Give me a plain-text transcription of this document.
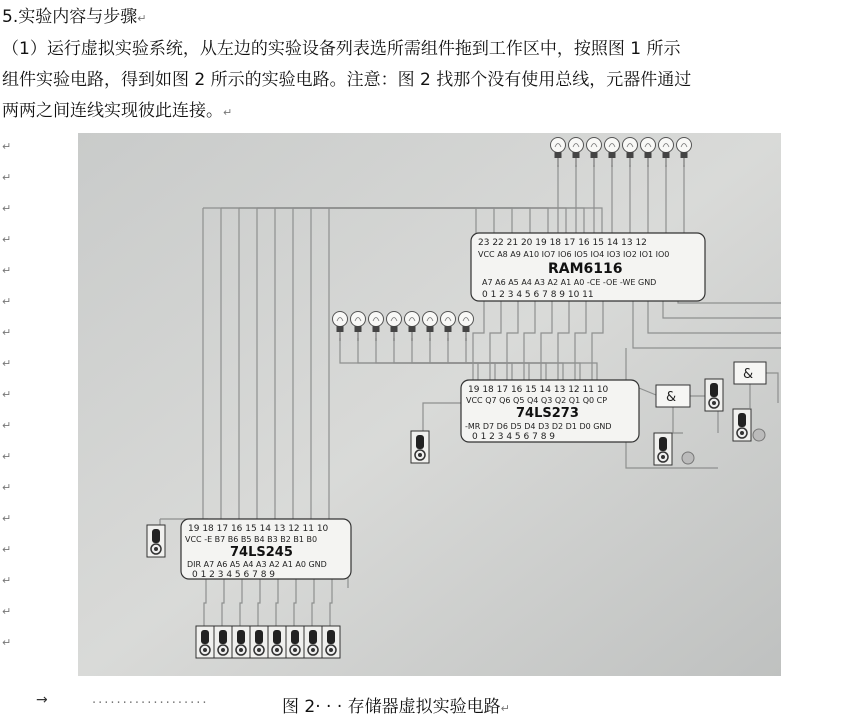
5.实验内容与步骤↵
（1）运行虚拟实验系统，从左边的实验设备列表选所需组件拖到工作区中，按照图 1 所示
组件实验电路，得到如图 2 所示的实验电路。注意：图 2 找那个没有使用总线，元器件通过
两两之间连线实现彼此连接。↵
↵
↵
↵
↵
↵
↵
↵
↵
↵
↵
↵
↵
↵
↵
↵
↵
↵
23 22 21 20 19 18 17 16 15 14 13 12
VCC A8 A9 A10 IO7 IO6 IO5 IO4 IO3 IO2 IO1 IO0
RAM6116
A7 A6 A5 A4 A3 A2 A1 A0 -CE -OE -WE GND
0 1 2 3 4 5 6 7 8 9 10 11
19 18 17 16 15 14 13 12 11 10
VCC Q7 Q6 Q5 Q4 Q3 Q2 Q1 Q0 CP
74LS273
-MR D7 D6 D5 D4 D3 D2 D1 D0 GND
0 1 2 3 4 5 6 7 8 9
19 18 17 16 15 14 13 12 11 10
VCC -E B7 B6 B5 B4 B3 B2 B1 B0
74LS245
DIR A7 A6 A5 A4 A3 A2 A1 A0 GND
0 1 2 3 4 5 6 7 8 9
&
&
→	···················	图 2· · · 存储器虚拟实验电路↵
